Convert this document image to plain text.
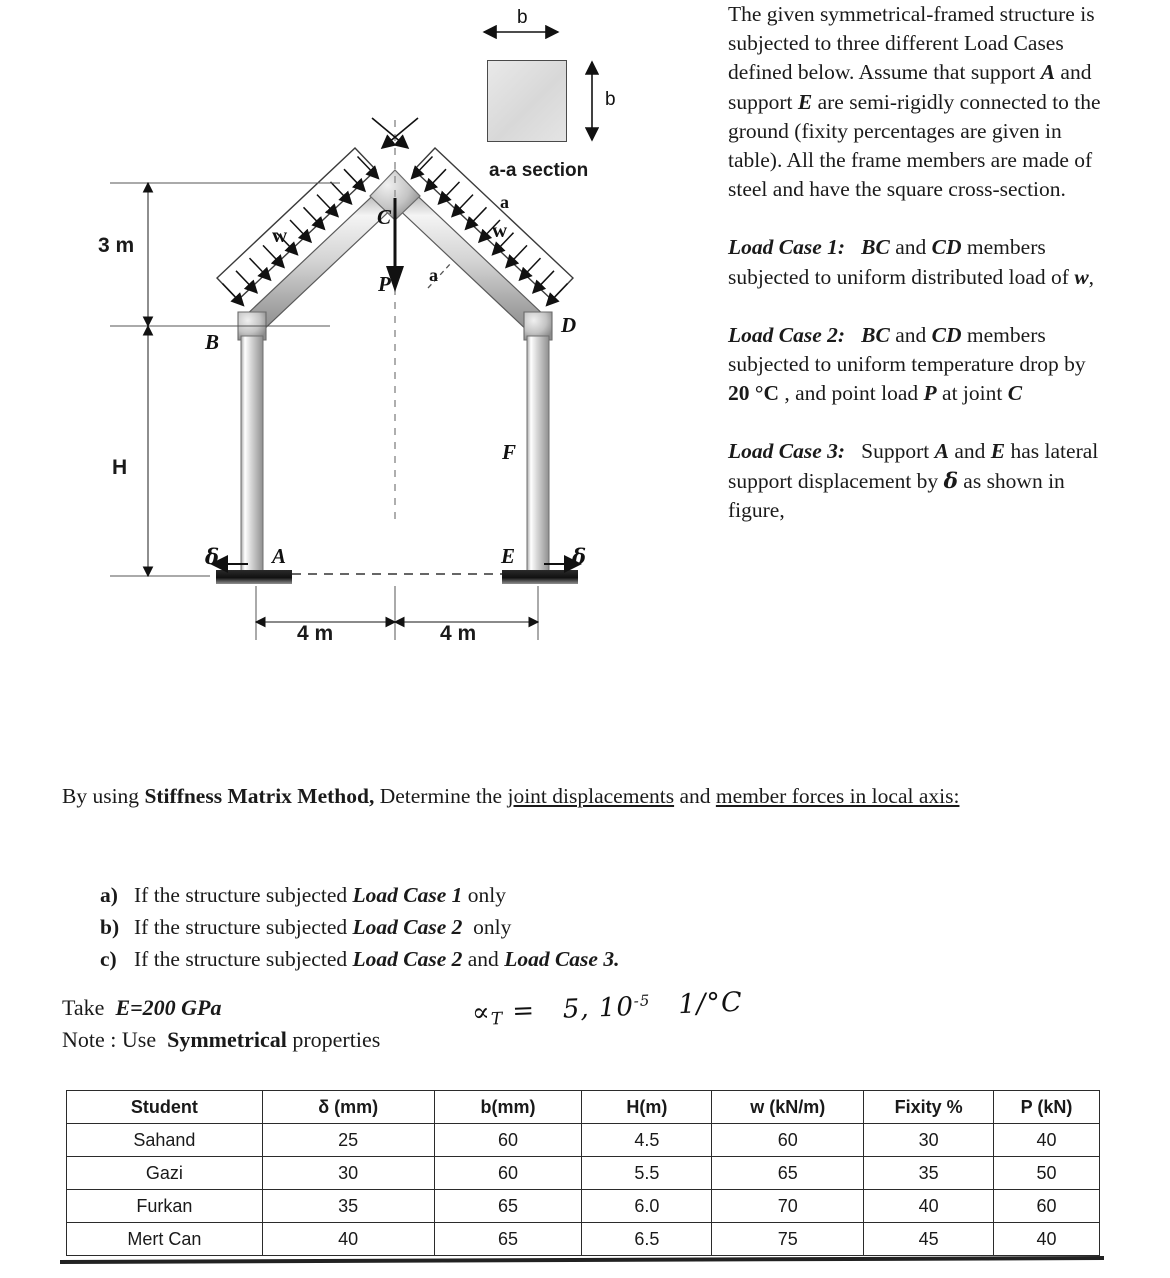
a-a section
b
b
B
C
D
A	E
F
w	w
P
δ	δ
a
a
3 m
H
4 m	4 m

The given symmetrical-framed structure is subjected to three different Load Cases defined below. Assume that support A and support E are semi-rigidly connected to the ground (fixity percentages are given in table). All the frame members are made of steel and have the square cross-section.

Load Case 1: BC and CD members subjected to uniform distributed load of w,

Load Case 2: BC and CD members subjected to uniform temperature drop by 20 °C , and point load P at joint C

Load Case 3:   Support A and E has lateral support displacement by δ as shown in figure,

By using Stiffness Matrix Method, Determine the joint displacements and member forces in local axis:

a) If the structure subjected Load Case 1 only
b) If the structure subjected Load Case 2  only
c) If the structure subjected Load Case 2 and Load Case 3.
Take E=200 GPa
Note : Use Symmetrical properties
$\propto_T = 5$, $10^{-5}$ 1/°C
Student	δ (mm)	b(mm)	H(m)	w (kN/m)	Fixity %	P (kN)
Sahand	25	60	4.5	60	30	40
Gazi	30	60	5.5	65	35	50
Furkan	35	65	6.0	70	40	60
Mert Can	40	65	6.5	75	45	40
